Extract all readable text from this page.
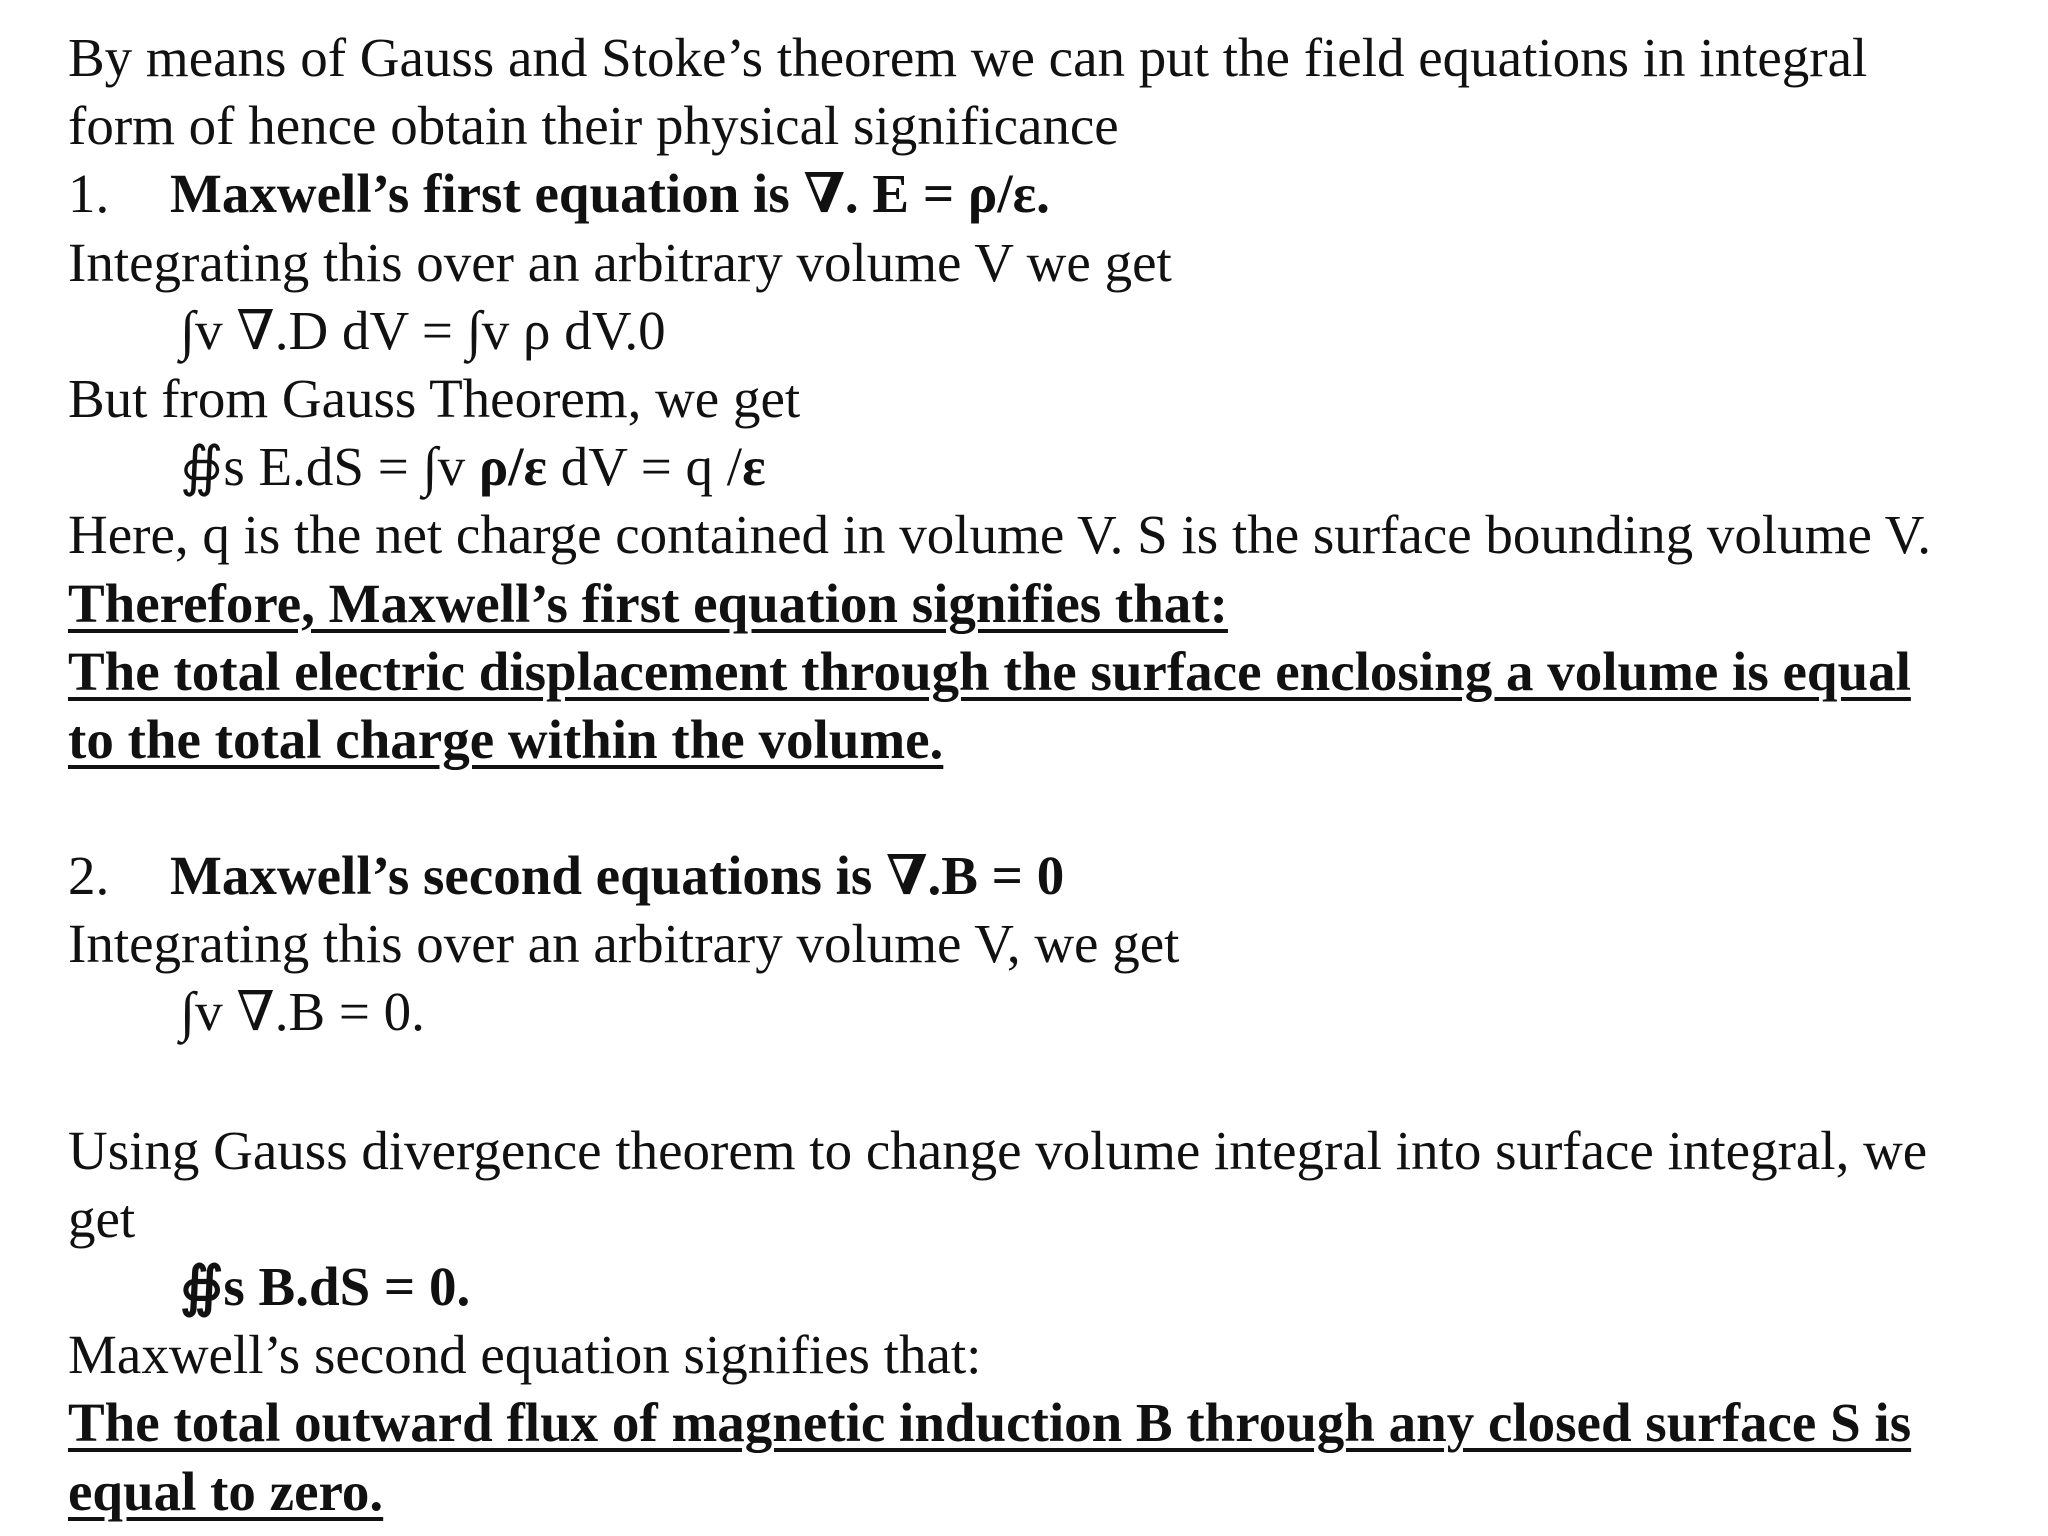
By means of Gauss and Stoke’s theorem we can put the field equations in integral
form of hence obtain their physical significance
1. Maxwell’s first equation is ∇. E = ρ/ε.
Integrating this over an arbitrary volume V we get
∫v ∇.D dV = ∫v ρ dV.0
But from Gauss Theorem, we get
∯s E.dS = ∫v ρ/ε dV = q /ε
Here, q is the net charge contained in volume V. S is the surface bounding volume V.
Therefore, Maxwell’s first equation signifies that:
The total electric displacement through the surface enclosing a volume is equal
to the total charge within the volume.
2. Maxwell’s second equations is ∇.B = 0
Integrating this over an arbitrary volume V, we get
∫v ∇.B = 0.
Using Gauss divergence theorem to change volume integral into surface integral, we
get
∯s B.dS = 0.
Maxwell’s second equation signifies that:
The total outward flux of magnetic induction B through any closed surface S is
equal to zero.
